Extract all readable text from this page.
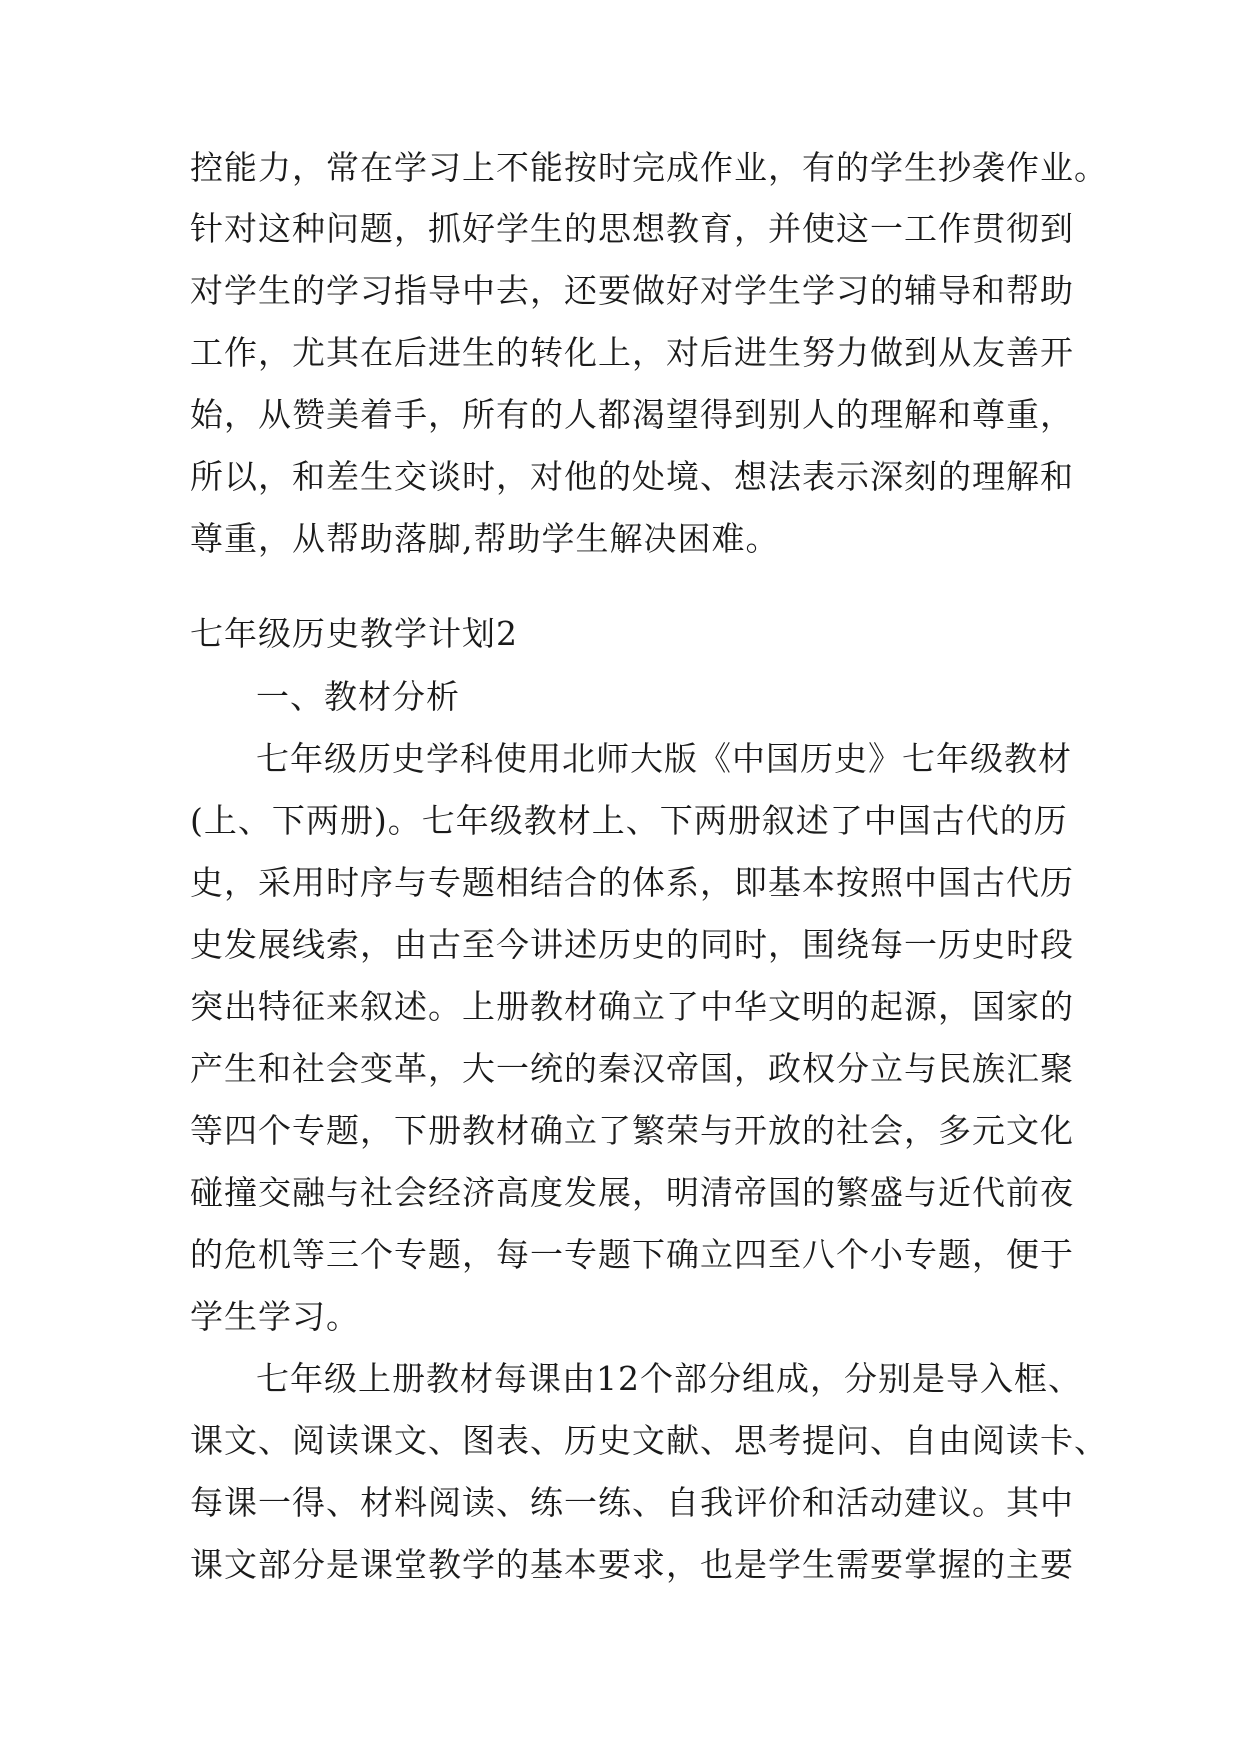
控能力，常在学习上不能按时完成作业，有的学生抄袭作业。
针对这种问题，抓好学生的思想教育，并使这一工作贯彻到
对学生的学习指导中去，还要做好对学生学习的辅导和帮助
工作，尤其在后进生的转化上，对后进生努力做到从友善开
始，从赞美着手，所有的人都渴望得到别人的理解和尊重，
所以，和差生交谈时，对他的处境、想法表示深刻的理解和
尊重，从帮助落脚,帮助学生解决困难。
七年级历史教学计划2
一、教材分析
七年级历史学科使用北师大版《中国历史》七年级教材
(上、下两册)。七年级教材上、下两册叙述了中国古代的历
史，采用时序与专题相结合的体系，即基本按照中国古代历
史发展线索，由古至今讲述历史的同时，围绕每一历史时段
突出特征来叙述。上册教材确立了中华文明的起源，国家的
产生和社会变革，大一统的秦汉帝国，政权分立与民族汇聚
等四个专题，下册教材确立了繁荣与开放的社会，多元文化
碰撞交融与社会经济高度发展，明清帝国的繁盛与近代前夜
的危机等三个专题，每一专题下确立四至八个小专题，便于
学生学习。
七年级上册教材每课由12个部分组成，分别是导入框、
课文、阅读课文、图表、历史文献、思考提问、自由阅读卡、
每课一得、材料阅读、练一练、自我评价和活动建议。其中
课文部分是课堂教学的基本要求，也是学生需要掌握的主要
